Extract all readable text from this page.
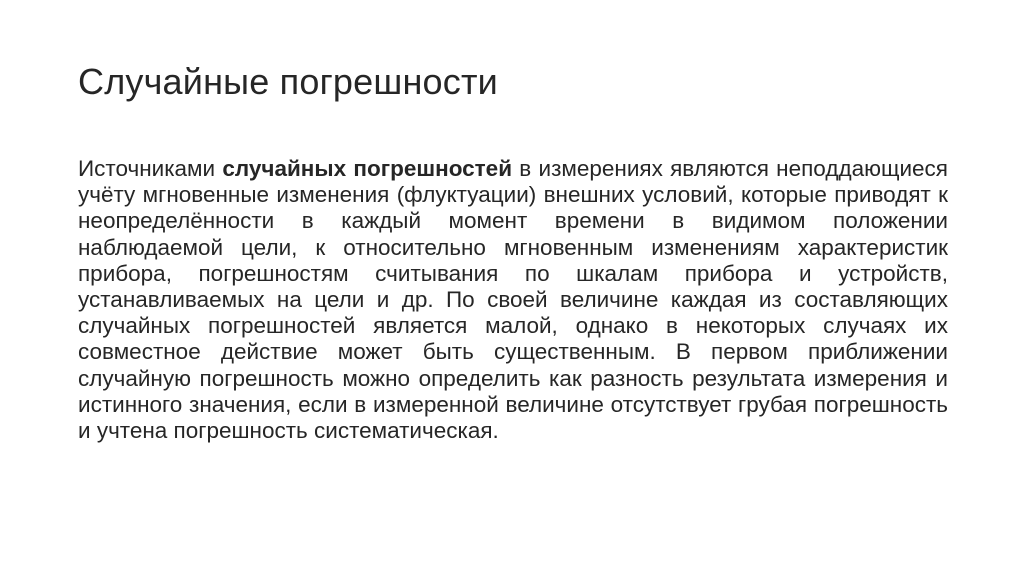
Случайные погрешности

Источниками случайных погрешностей в измерениях являются неподдающиеся учёту мгновенные изменения (флуктуации) внешних условий, которые приводят к неопределённости в каждый момент времени в видимом положении наблюдаемой цели, к относительно мгновенным изменениям характеристик прибора, погрешностям считывания по шкалам прибора и устройств, устанавливаемых на цели и др. По своей величине каждая из составляющих случайных погрешностей является малой, однако в некоторых случаях их совместное действие может быть существенным. В первом приближении случайную погрешность можно определить как разность результата измерения и истинного значения, если в измеренной величине отсутствует грубая погрешность и учтена погрешность систематическая.
